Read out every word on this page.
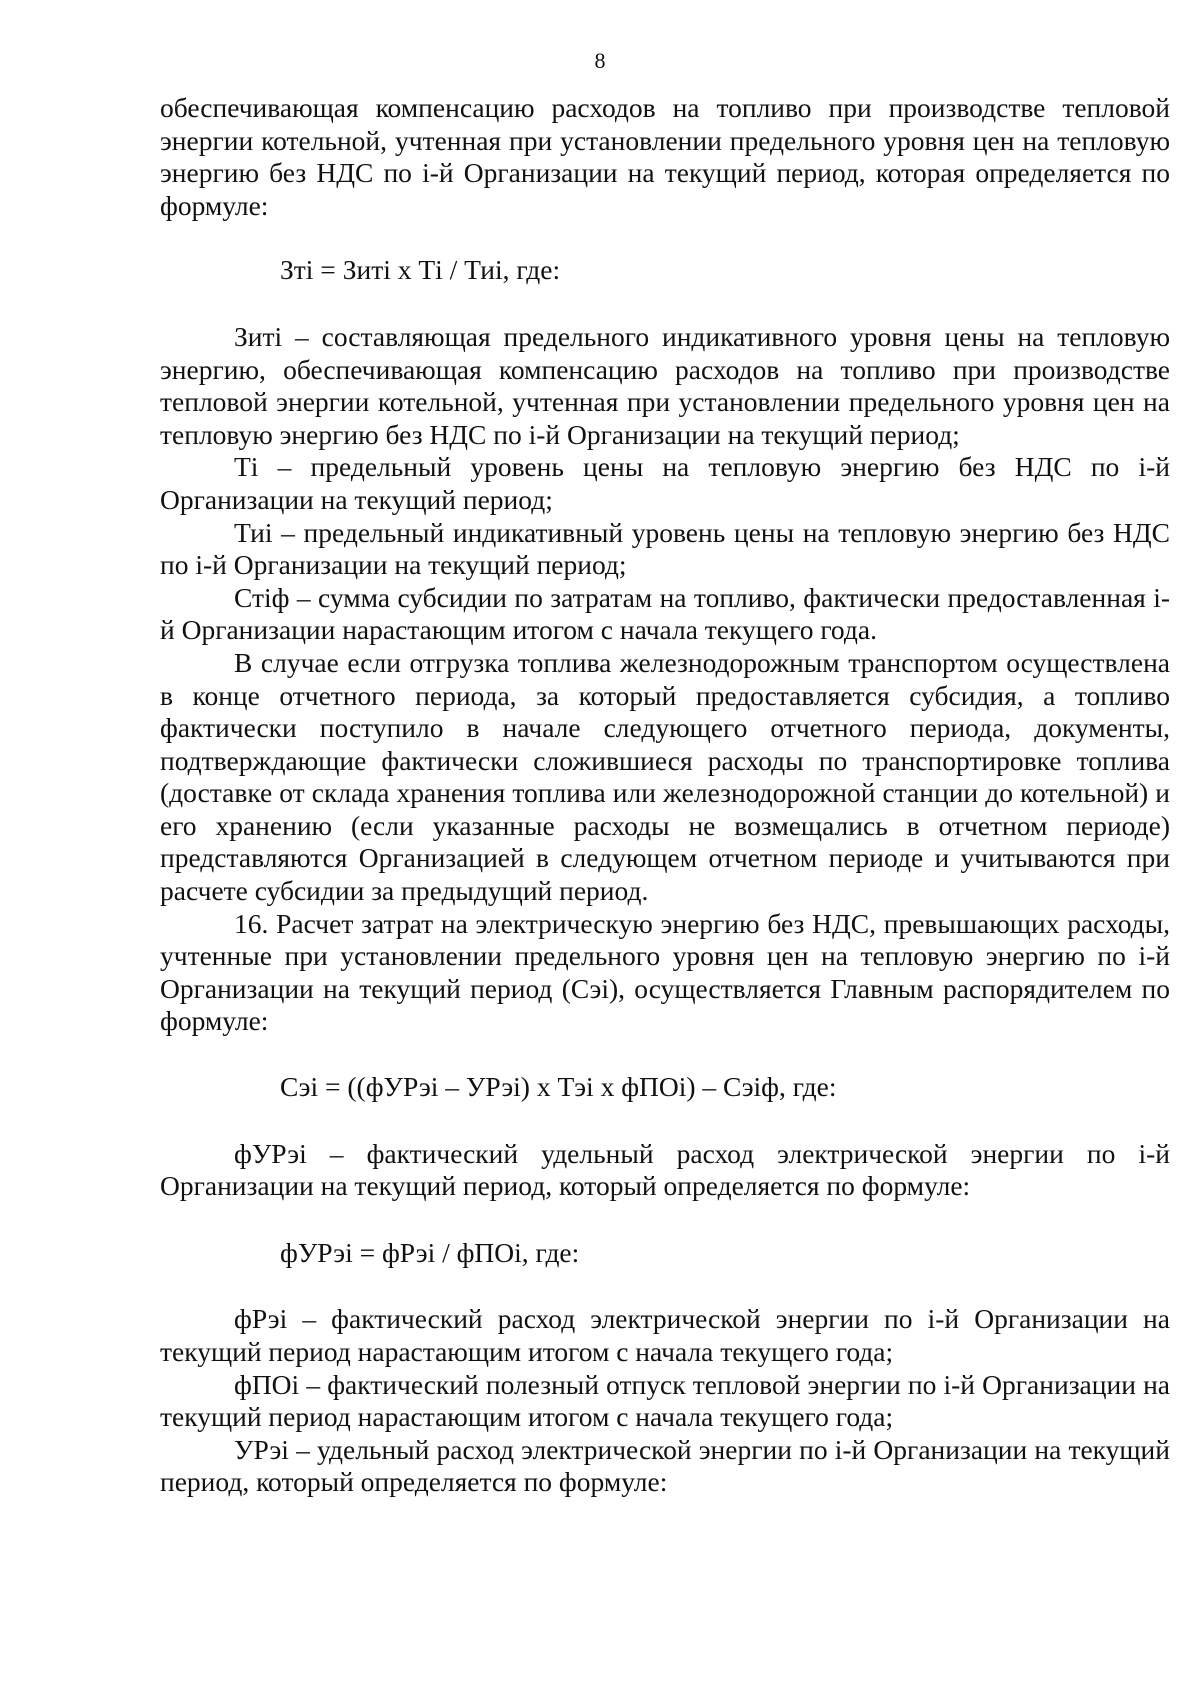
8

обеспечивающая компенсацию расходов на топливо при производстве тепловой энергии котельной, учтенная при установлении предельного уровня цен на тепловую энергию без НДС по i-й Организации на текущий период, которая определяется по формуле:

Зтi = Зитi х Тi / Тиi, где:

Зитi – составляющая предельного индикативного уровня цены на тепловую энергию, обеспечивающая компенсацию расходов на топливо при производстве тепловой энергии котельной, учтенная при установлении предельного уровня цен на тепловую энергию без НДС по i-й Организации на текущий период;

Тi – предельный уровень цены на тепловую энергию без НДС по i-й Организации на текущий период;

Тиi – предельный индикативный уровень цены на тепловую энергию без НДС по i-й Организации на текущий период;

Стiф – сумма субсидии по затратам на топливо, фактически предоставленная i-й Организации нарастающим итогом с начала текущего года.

В случае если отгрузка топлива железнодорожным транспортом осуществлена в конце отчетного периода, за который предоставляется субсидия, а топливо фактически поступило в начале следующего отчетного периода, документы, подтверждающие фактически сложившиеся расходы по транспортировке топлива (доставке от склада хранения топлива или железнодорожной станции до котельной) и его хранению (если указанные расходы не возмещались в отчетном периоде) представляются Организацией в следующем отчетном периоде и учитываются при расчете субсидии за предыдущий период.

16. Расчет затрат на электрическую энергию без НДС, превышающих расходы, учтенные при установлении предельного уровня цен на тепловую энергию по i-й Организации на текущий период (Сэi), осуществляется Главным распорядителем по формуле:

Сэi = ((фУРэi – УРэi) х Тэi х фПОi) – Сэiф, где:

фУРэi – фактический удельный расход электрической энергии по i-й Организации на текущий период, который определяется по формуле:

фУРэi = фРэi / фПОi, где:

фРэi – фактический расход электрической энергии по i-й Организации на текущий период нарастающим итогом с начала текущего года;

фПОi – фактический полезный отпуск тепловой энергии по i-й Организации на текущий период нарастающим итогом с начала текущего года;

УРэi – удельный расход электрической энергии по i-й Организации на текущий период, который определяется по формуле:
